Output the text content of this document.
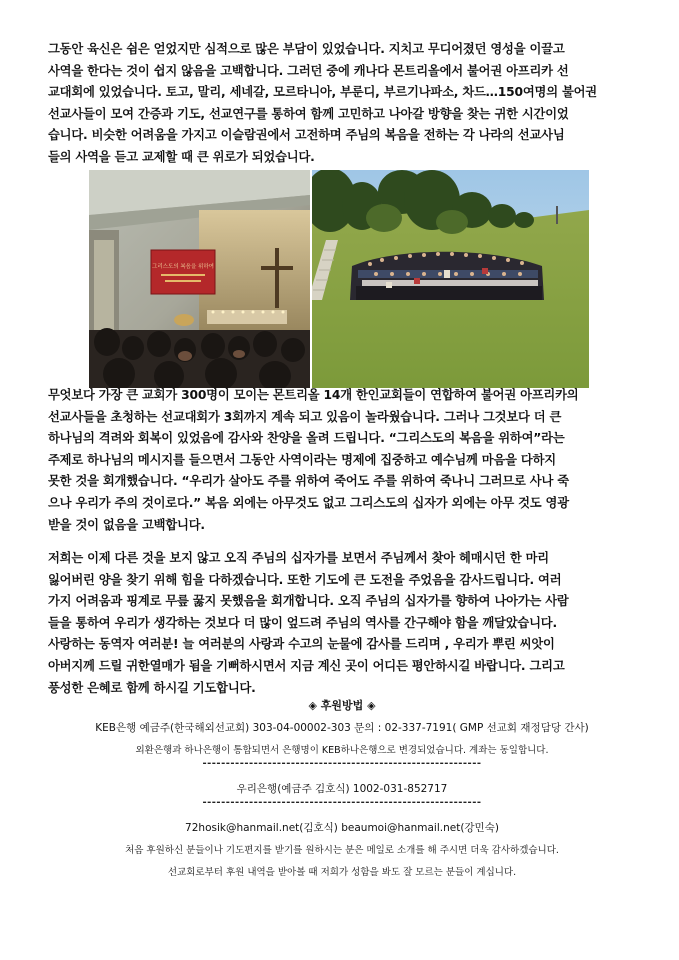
그동안 육신은 쉼은 얻었지만 심적으로 많은 부담이 있었습니다. 지치고 무디어졌던 영성을 이끌고
사역을 한다는 것이 쉽지 않음을 고백합니다. 그러던 중에 캐나다 몬트리올에서 불어권 아프리카 선
교대회에 있었습니다. 토고, 말리, 세네갈, 모르타니아, 부룬디, 부르기나파소, 차드…150여명의 불어권
선교사들이 모여 간증과 기도, 선교연구를 통하여 함께 고민하고 나아갈 방향을 찾는 귀한 시간이었
습니다. 비슷한 어려움을 가지고 이슬람권에서 고전하며 주님의 복음을 전하는 각 나라의 선교사님
들의 사역을 듣고 교제할 때 큰 위로가 되었습니다.
그리스도의 복음을 위하여
무엇보다 가장 큰 교회가 300명이 모이는 몬트리올 14개 한인교회들이 연합하여 불어권 아프리카의
선교사들을 초청하는 선교대회가 3회까지 계속 되고 있음이 놀라웠습니다. 그러나 그것보다 더 큰
하나님의 격려와 회복이 있었음에 감사와 찬양을 올려 드립니다. “그리스도의 복음을 위하여”라는
주제로 하나님의 메시지를 들으면서 그동안 사역이라는 명제에 집중하고 예수님께 마음을 다하지
못한 것을 회개했습니다. “우리가 살아도 주를 위하여 죽어도 주를 위하여 죽나니 그러므로 사나 죽
으나 우리가 주의 것이로다.” 복음 외에는 아무것도 없고 그리스도의 십자가 외에는 아무 것도 영광
받을 것이 없음을 고백합니다.
저희는 이제 다른 것을 보지 않고 오직 주님의 십자가를 보면서 주님께서 찾아 헤매시던 한 마리
잃어버린 양을 찾기 위해 힘을 다하겠습니다. 또한 기도에 큰 도전을 주었음을 감사드립니다. 여러
가지 어려움과 핑계로 무릎 꿇지 못했음을 회개합니다. 오직 주님의 십자가를 향하여 나아가는 사람
들을 통하여 우리가 생각하는 것보다 더 많이 엎드려 주님의 역사를 간구해야 함을 깨달았습니다.
사랑하는 동역자 여러분! 늘 여러분의 사랑과 수고의 눈물에 감사를 드리며 , 우리가 뿌린 씨앗이
아버지께 드릴 귀한열매가 됨을 기뻐하시면서 지금 계신 곳이 어디든 평안하시길 바랍니다. 그리고
풍성한 은혜로 함께 하시길 기도합니다.
◈ 후원방법 ◈
KEB은행 예금주(한국해외선교회) 303-04-00002-303 문의 : 02-337-7191( GMP 선교회 재정담당 간사)
외환은행과 하나은행이 통합되면서 은행명이 KEB하나은행으로 변경되었습니다. 계좌는 동일합니다.
------------------------------------------------------------
우리은행(예금주 김호식) 1002-031-852717
------------------------------------------------------------
72hosik@hanmail.net(김호식) beaumoi@hanmail.net(강민숙)
처음 후원하신 분들이나 기도편지를 받기를 원하시는 분은 메일로 소개를 해 주시면 더욱 감사하겠습니다.
선교회로부터 후원 내역을 받아볼 때 저희가 성함을 봐도 잘 모르는 분들이 계십니다.
